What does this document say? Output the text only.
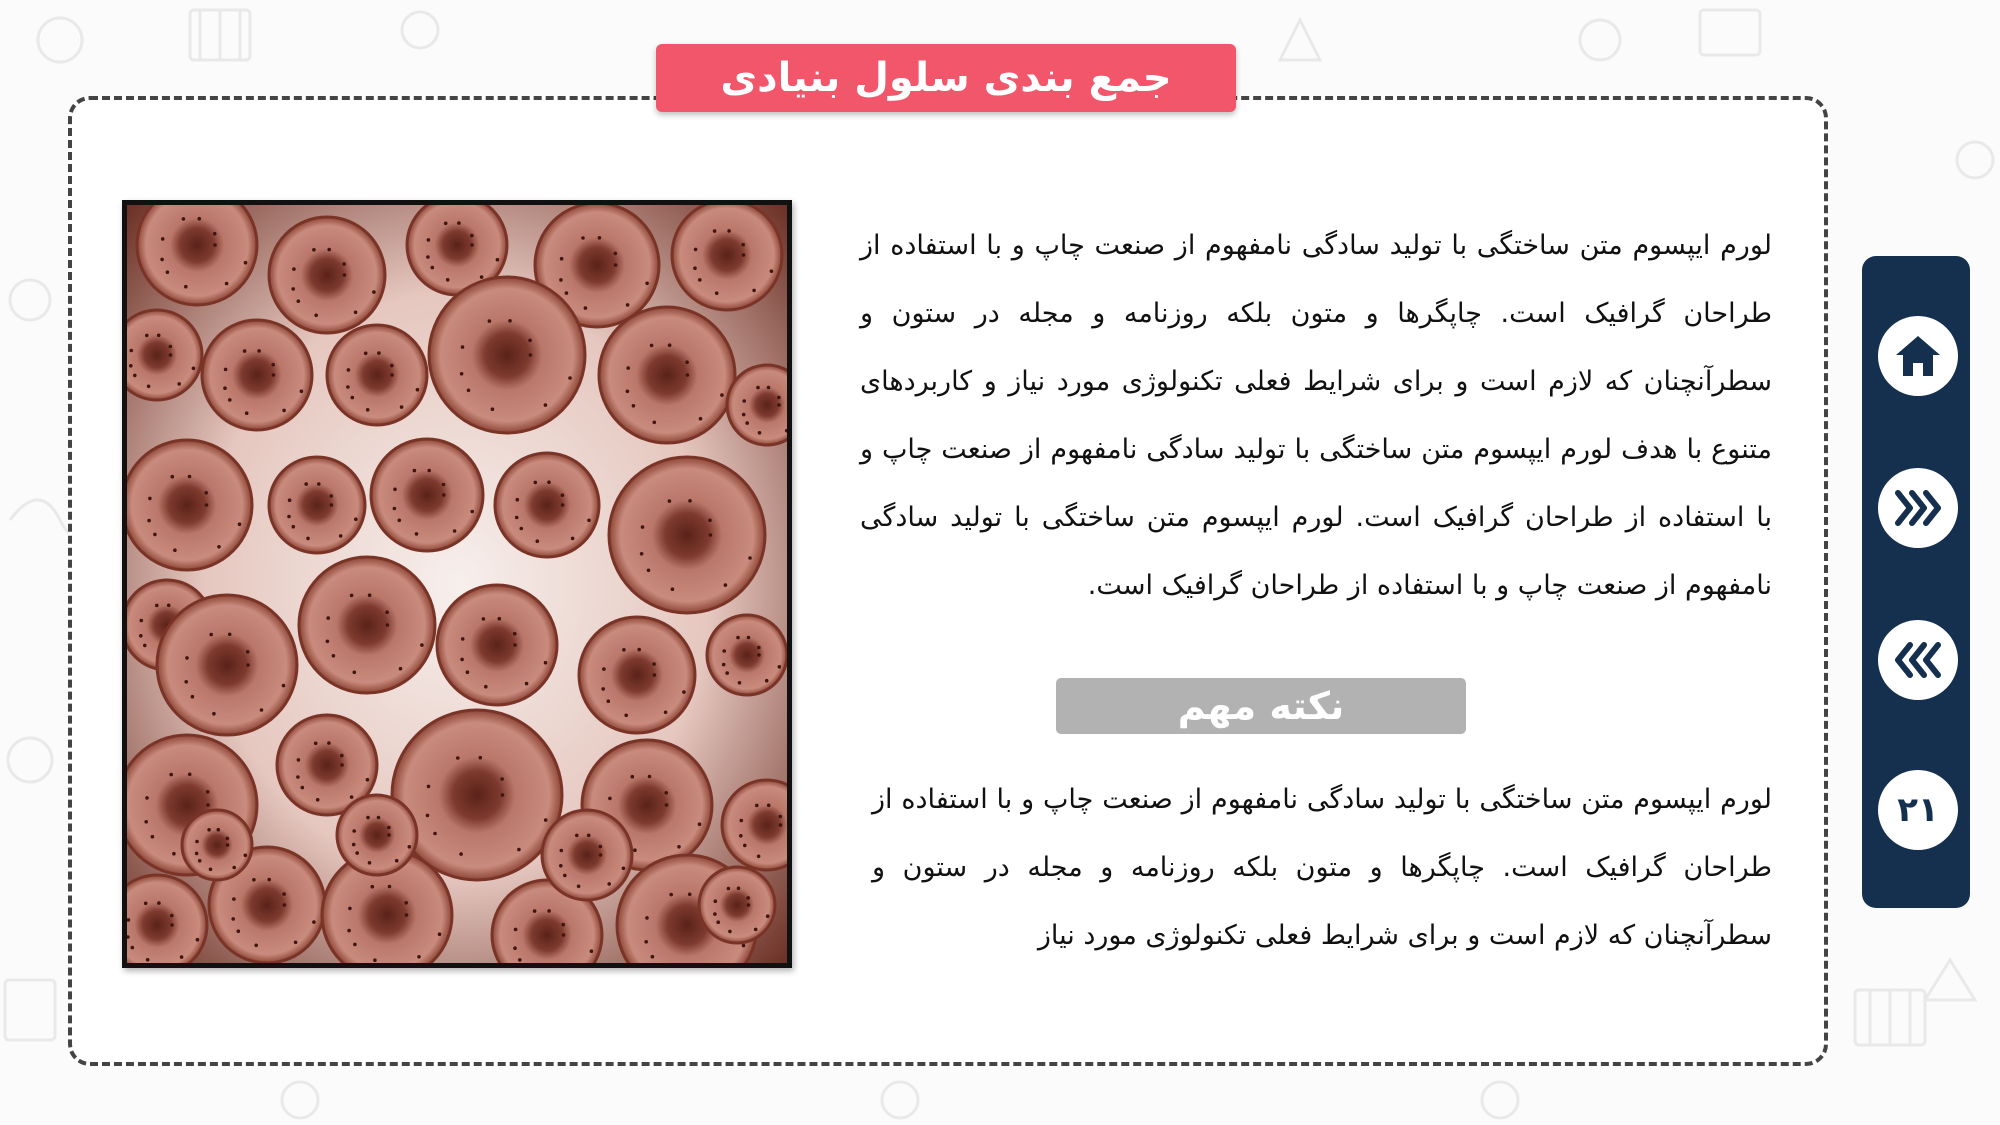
جمع بندی سلول بنیادی

لورم ایپسوم متن ساختگی با تولید سادگی نامفهوم از صنعت چاپ و با استفاده از طراحان گرافیک است. چاپگرها و متون بلکه روزنامه و مجله در ستون و سطرآنچنان که لازم است و برای شرایط فعلی تکنولوژی مورد نیاز و کاربردهای متنوع با هدف لورم ایپسوم متن ساختگی با تولید سادگی نامفهوم از صنعت چاپ و با استفاده از طراحان گرافیک است. لورم ایپسوم متن ساختگی با تولید سادگی نامفهوم از صنعت چاپ و با استفاده از طراحان گرافیک است.

نکته مهم

لورم ایپسوم متن ساختگی با تولید سادگی نامفهوم از صنعت چاپ و با استفاده از طراحان گرافیک است. چاپگرها و متون بلکه روزنامه و مجله در ستون و سطرآنچنان که لازم است و برای شرایط فعلی تکنولوژی مورد نیاز

۲۱
